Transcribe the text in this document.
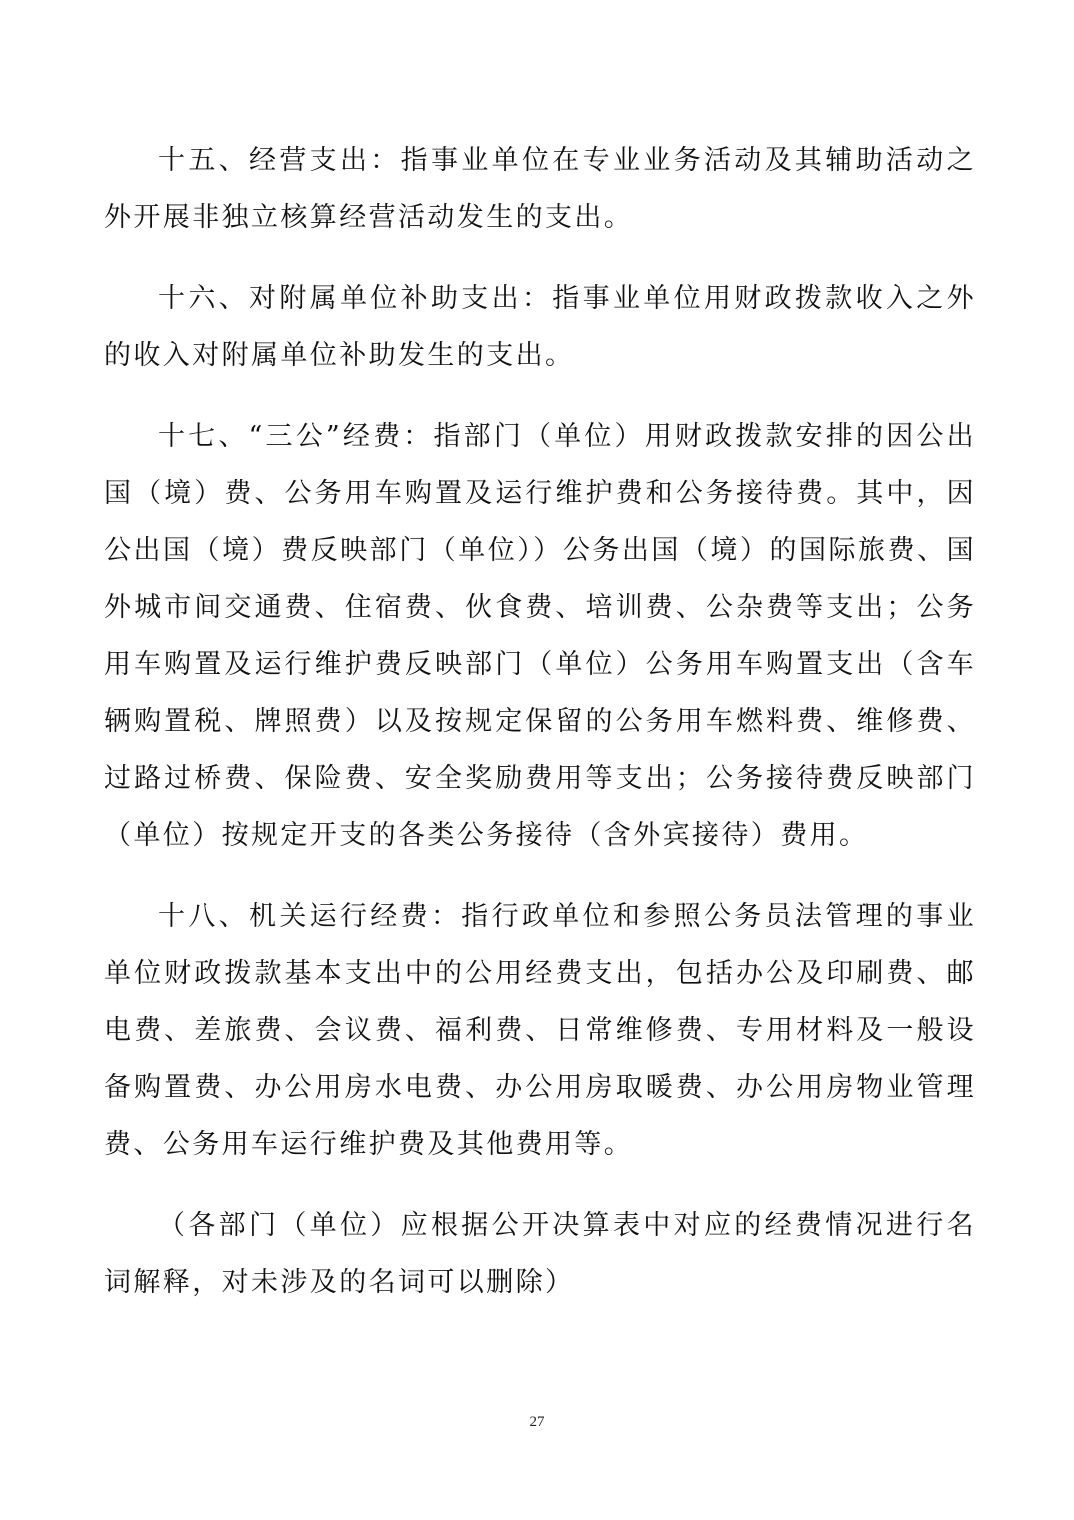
十五、经营支出：指事业单位在专业业务活动及其辅助活动之外开展非独立核算经营活动发生的支出。

十六、对附属单位补助支出：指事业单位用财政拨款收入之外的收入对附属单位补助发生的支出。

十七、“三公”经费：指部门（单位）用财政拨款安排的因公出国（境）费、公务用车购置及运行维护费和公务接待费。其中，因公出国（境）费反映部门（单位））公务出国（境）的国际旅费、国外城市间交通费、住宿费、伙食费、培训费、公杂费等支出；公务用车购置及运行维护费反映部门（单位）公务用车购置支出（含车辆购置税、牌照费）以及按规定保留的公务用车燃料费、维修费、过路过桥费、保险费、安全奖励费用等支出；公务接待费反映部门（单位）按规定开支的各类公务接待（含外宾接待）费用。

十八、机关运行经费：指行政单位和参照公务员法管理的事业单位财政拨款基本支出中的公用经费支出，包括办公及印刷费、邮电费、差旅费、会议费、福利费、日常维修费、专用材料及一般设备购置费、办公用房水电费、办公用房取暖费、办公用房物业管理费、公务用车运行维护费及其他费用等。

（各部门（单位）应根据公开决算表中对应的经费情况进行名词解释，对未涉及的名词可以删除）

27
